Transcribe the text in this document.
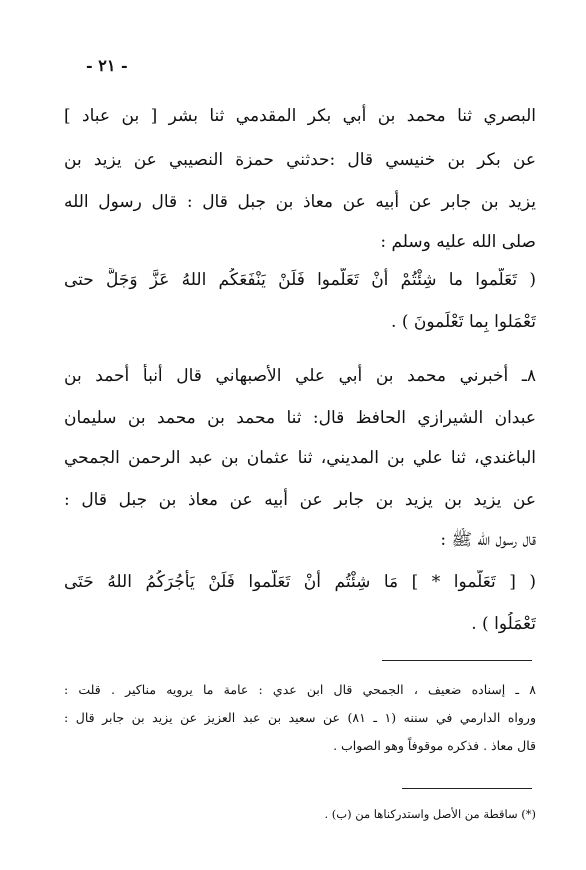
- ٢١ -
البصري ثنا محمد بن أبي بكر المقدمي ثنا بشر [ بن عباد ]
عن بكر بن خنيسي قال :حدثني حمزة النصيبي عن يزيد بن
يزيد بن جابر عن أبيه عن معاذ بن جبل قال : قال رسول الله
صلى الله عليه وسلم :
( تَعَلَّموا ما شِئْتُمْ أَنْ تَعَلَّموا فَلَنْ يَنْفَعَكُم اللهُ عَزَّ وَجَلَّ حتى
تَعْمَلوا بِما تَعْلَمونَ ) .
٨ـ أخبرني محمد بن أبي علي الأَصبهاني قال أنبأ أحمد بن
عبدان الشيرازي الحافظ قال: ثنا محمد بن محمد بن سليمان
الباغندي، ثنا علي بن المديني، ثنا عثمان بن عبد الرحمن الجمحي
عن يزيد بن يزيد بن جابر عن أبيه عن معاذ بن جبل قال :
قال رسول الله ﷺ :
( [ تَعَلَّموا * ] مَا شِئْتُم أَنْ تَعَلَّموا فَلَنْ يَأْجُرَكُمُ اللهُ حَتَى
تَعْمَلُوا ) .
٨ ـ إسناده ضعيف ، الجمحي قال ابن عدي : عامة ما يرويه مناكير . قلت :
ورواه الدارمي في سننه (١ ـ ٨١) عن سعيد بن عبد العزيز عن يزيد بن جابر قال :
قال معاذ . فذكره موقوفاً وهو الصواب .
(*) ساقطة من الأصل واستدركناها من (ب) .
